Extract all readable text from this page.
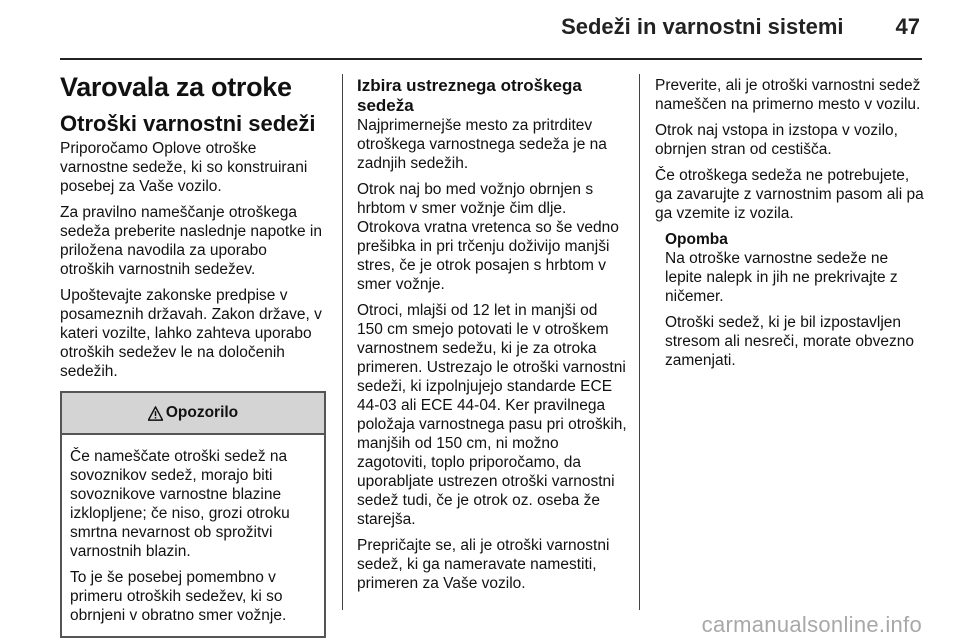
Sedeži in varnostni sistemi 47
Varovala za otroke
Otroški varnostni sedeži

Priporočamo Oplove otroške varnostne sedeže, ki so konstruirani posebej za Vaše vozilo.

Za pravilno nameščanje otroškega sedeža preberite naslednje napotke in priložena navodila za uporabo otroških varnostnih sedežev.

Upoštevajte zakonske predpise v posameznih državah. Zakon države, v kateri vozilte, lahko zahteva uporabo otroških sedežev le na določenih sedežih.

Opozorilo

Če nameščate otroški sedež na sovoznikov sedež, morajo biti sovoznikove varnostne blazine izklopljene; če niso, grozi otroku smrtna nevarnost ob sprožitvi varnostnih blazin.

To je še posebej pomembno v primeru otroških sedežev, ki so obrnjeni v obratno smer vožnje.

Izbira ustreznega otroškega sedeža

Najprimernejše mesto za pritrditev otroškega varnostnega sedeža je na zadnjih sedežih.

Otrok naj bo med vožnjo obrnjen s hrbtom v smer vožnje čim dlje. Otrokova vratna vretenca so še vedno prešibka in pri trčenju doživijo manjši stres, če je otrok posajen s hrbtom v smer vožnje.

Otroci, mlajši od 12 let in manjši od 150 cm smejo potovati le v otroškem varnostnem sedežu, ki je za otroka primeren. Ustrezajo le otroški varnostni sedeži, ki izpolnjujejo standarde ECE 44-03 ali ECE 44-04. Ker pravilnega položaja varnostnega pasu pri otroških, manjših od 150 cm, ni možno zagotoviti, toplo priporočamo, da uporabljate ustrezen otroški varnostni sedež tudi, če je otrok oz. oseba že starejša.

Prepričajte se, ali je otroški varnostni sedež, ki ga nameravate namestiti, primeren za Vaše vozilo.

Preverite, ali je otroški varnostni sedež nameščen na primerno mesto v vozilu.

Otrok naj vstopa in izstopa v vozilo, obrnjen stran od cestišča.

Če otroškega sedeža ne potrebujete, ga zavarujte z varnostnim pasom ali pa ga vzemite iz vozila.

Opomba

Na otroške varnostne sedeže ne lepite nalepk in jih ne prekrivajte z ničemer.

Otroški sedež, ki je bil izpostavljen stresom ali nesreči, morate obvezno zamenjati.

carmanualsonline.info
